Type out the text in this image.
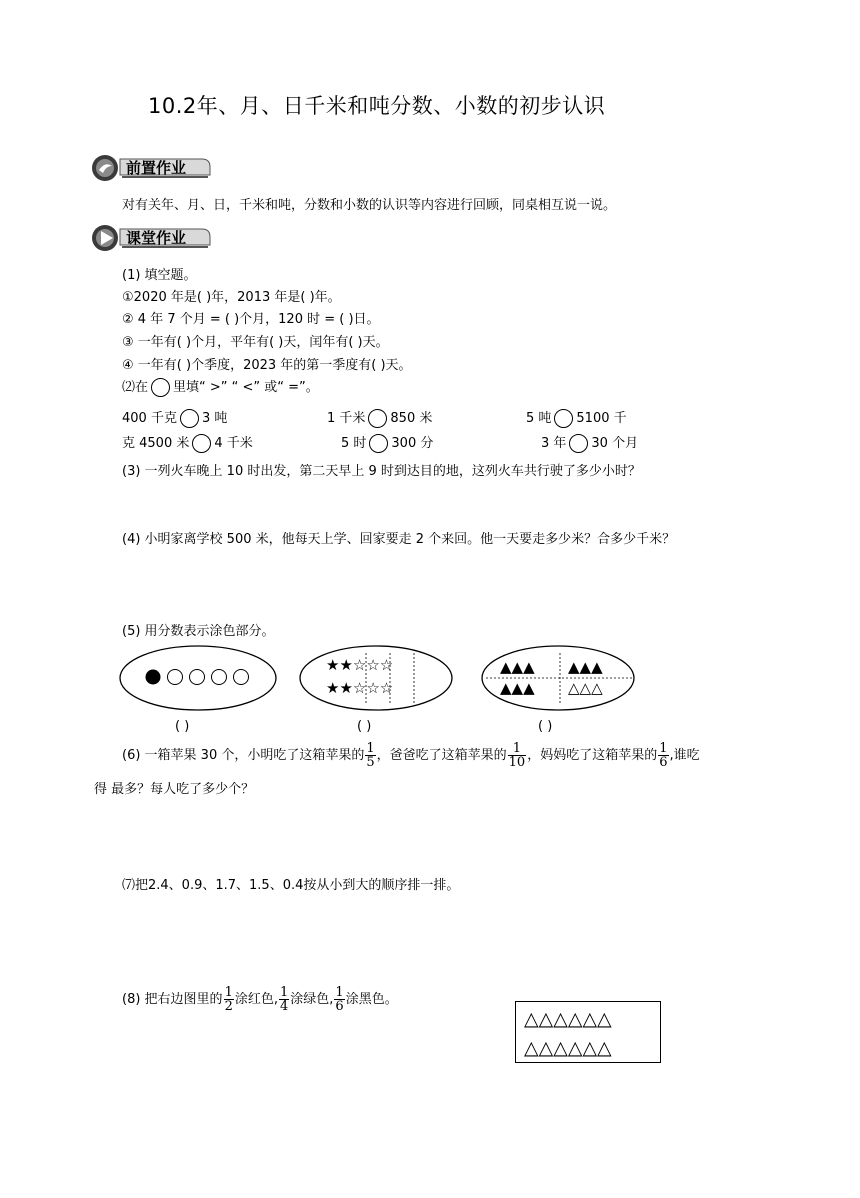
10.2年、月、日千米和吨分数、小数的初步认识
前置作业
对有关年、月、日，千米和吨，分数和小数的认识等内容进行回顾，同桌相互说一说。
课堂作业
(1) 填空题。
①2020 年是( )年，2013 年是( )年。
② 4 年 7 个月 = ( )个月，120 时 = ( )日。
③ 一年有( )个月，平年有( )天，闰年有( )天。
④ 一年有( )个季度，2023 年的第一季度有( )天。
⑵在 里填“ >” “ <” 或“ =”。
400 千克 3 吨	1 千米 850 米	5 吨 5100 千
克 4500 米 4 千米	5 时 300 分	3 年 30 个月
(3) 一列火车晚上 10 时出发，第二天早上 9 时到达目的地，这列火车共行驶了多少小时？
(4) 小明家离学校 500 米，他每天上学、回家要走 2 个来回。他一天要走多少米？合多少千米？
(5) 用分数表示涂色部分。
★★☆☆☆
★★☆☆☆
▲▲▲ ▲▲▲
▲▲▲ △△△
( )	( )	( )
(6) 一箱苹果 30 个，小明吃了这箱苹果的 $\frac{1}{5}$ ，爸爸吃了这箱苹果的 $\frac{1}{10}$ ，妈妈吃了这箱苹果的 $\frac{1}{6}$ ,谁吃
得 最多？每人吃了多少个？
⑺把2.4、0.9、1.7、1.5、0.4按从小到大的顺序排一排。
(8) 把右边图里的 $\frac{1}{2}$ 涂红色, $\frac{1}{4}$ 涂绿色, $\frac{1}{6}$ 涂黑色。
△△△△△△
△△△△△△
